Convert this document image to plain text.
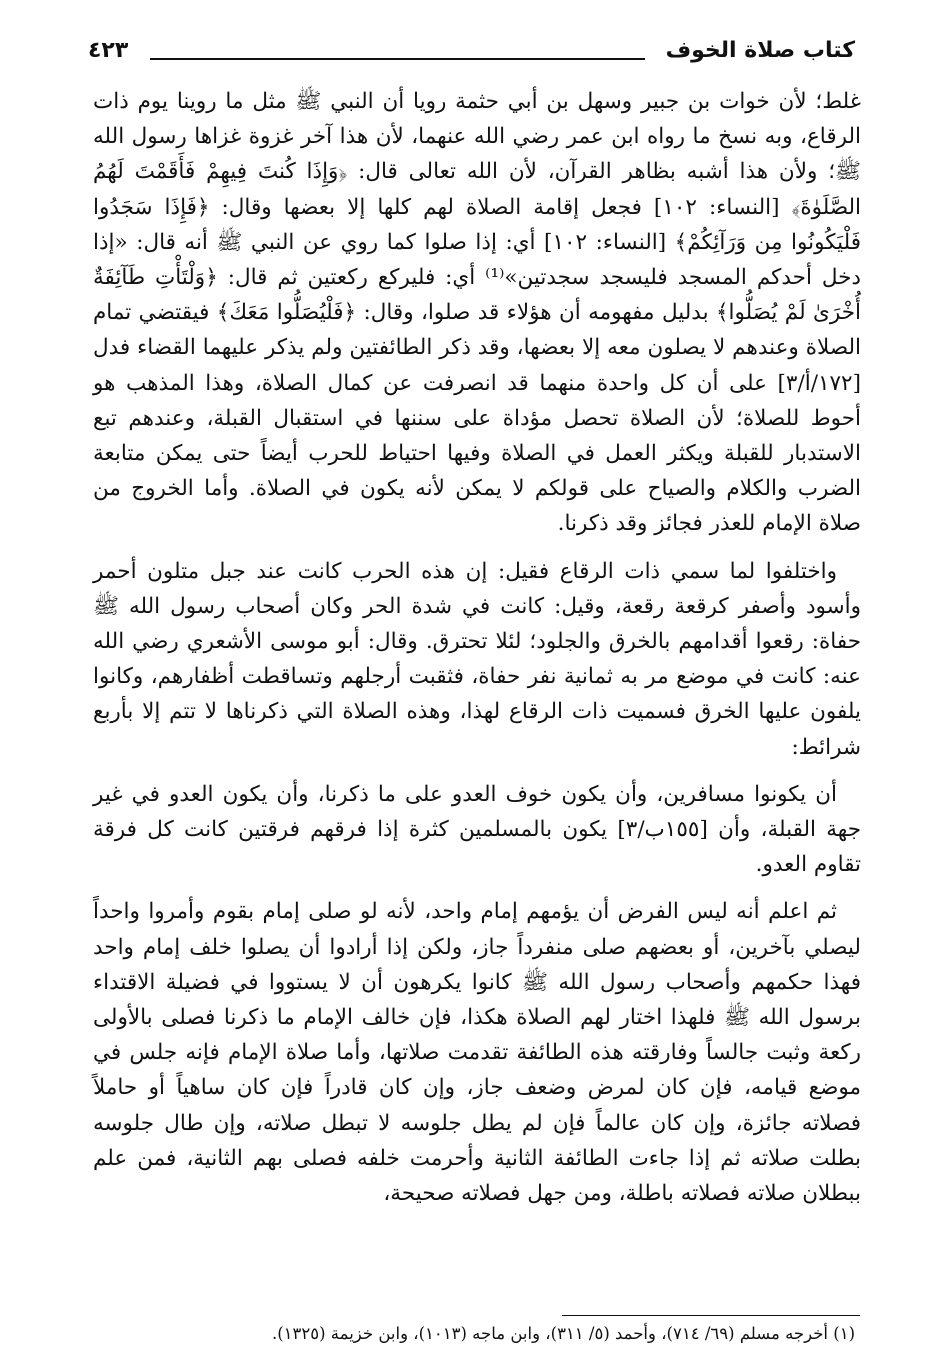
كتاب صلاة الخوف
٤٢٣

غلط؛ لأن خوات بن جبير وسهل بن أبي حثمة رويا أن النبي ﷺ مثل ما روينا يوم ذات الرقاع، وبه نسخ ما رواه ابن عمر رضي الله عنهما، لأن هذا آخر غزوة غزاها رسول الله ﷺ؛ ولأن هذا أشبه بظاهر القرآن، لأن الله تعالى قال: ﴿وَإِذَا كُنتَ فِيهِمْ فَأَقَمْتَ لَهُمُ الصَّلَوٰةَ﴾ [النساء: ١٠٢] فجعل إقامة الصلاة لهم كلها إلا بعضها وقال: ﴿فَإِذَا سَجَدُوا فَلْيَكُونُوا مِن وَرَآئِكُمْ﴾ [النساء: ١٠٢] أي: إذا صلوا كما روي عن النبي ﷺ أنه قال: «إذا دخل أحدكم المسجد فليسجد سجدتين»⁽¹⁾ أي: فليركع ركعتين ثم قال: ﴿وَلْتَأْتِ طَآئِفَةٌ أُخْرَىٰ لَمْ يُصَلُّوا﴾ بدليل مفهومه أن هؤلاء قد صلوا، وقال: ﴿فَلْيُصَلُّوا مَعَكَ﴾ فيقتضي تمام الصلاة وعندهم لا يصلون معه إلا بعضها، وقد ذكر الطائفتين ولم يذكر عليهما القضاء فدل [١٧٢/أ/٣] على أن كل واحدة منهما قد انصرفت عن كمال الصلاة، وهذا المذهب هو أحوط للصلاة؛ لأن الصلاة تحصل مؤداة على سننها في استقبال القبلة، وعندهم تبع الاستدبار للقبلة ويكثر العمل في الصلاة وفيها احتياط للحرب أيضاً حتى يمكن متابعة الضرب والكلام والصياح على قولكم لا يمكن لأنه يكون في الصلاة. وأما الخروج من صلاة الإمام للعذر فجائز وقد ذكرنا.

واختلفوا لما سمي ذات الرقاع فقيل: إن هذه الحرب كانت عند جبل متلون أحمر وأسود وأصفر كرقعة رقعة، وقيل: كانت في شدة الحر وكان أصحاب رسول الله ﷺ حفاة: رقعوا أقدامهم بالخرق والجلود؛ لئلا تحترق. وقال: أبو موسى الأشعري رضي الله عنه: كانت في موضع مر به ثمانية نفر حفاة، فثقبت أرجلهم وتساقطت أظفارهم، وكانوا يلفون عليها الخرق فسميت ذات الرقاع لهذا، وهذه الصلاة التي ذكرناها لا تتم إلا بأربع شرائط:

أن يكونوا مسافرين، وأن يكون خوف العدو على ما ذكرنا، وأن يكون العدو في غير جهة القبلة، وأن [١٥٥ب/٣] يكون بالمسلمين كثرة إذا فرقهم فرقتين كانت كل فرقة تقاوم العدو.

ثم اعلم أنه ليس الفرض أن يؤمهم إمام واحد، لأنه لو صلى إمام بقوم وأمروا واحداً ليصلي بآخرين، أو بعضهم صلى منفرداً جاز، ولكن إذا أرادوا أن يصلوا خلف إمام واحد فهذا حكمهم وأصحاب رسول الله ﷺ كانوا يكرهون أن لا يستووا في فضيلة الاقتداء برسول الله ﷺ فلهذا اختار لهم الصلاة هكذا، فإن خالف الإمام ما ذكرنا فصلى بالأولى ركعة وثبت جالساً وفارقته هذه الطائفة تقدمت صلاتها، وأما صلاة الإمام فإنه جلس في موضع قيامه، فإن كان لمرض وضعف جاز، وإن كان قادراً فإن كان ساهياً أو حاملاً فصلاته جائزة، وإن كان عالماً فإن لم يطل جلوسه لا تبطل صلاته، وإن طال جلوسه بطلت صلاته ثم إذا جاءت الطائفة الثانية وأحرمت خلفه فصلى بهم الثانية، فمن علم ببطلان صلاته فصلاته باطلة، ومن جهل فصلاته صحيحة،

(١) أخرجه مسلم (٦٩/ ٧١٤)، وأحمد (٥/ ٣١١)، وابن ماجه (١٠١٣)، وابن خزيمة (١٣٢٥).
